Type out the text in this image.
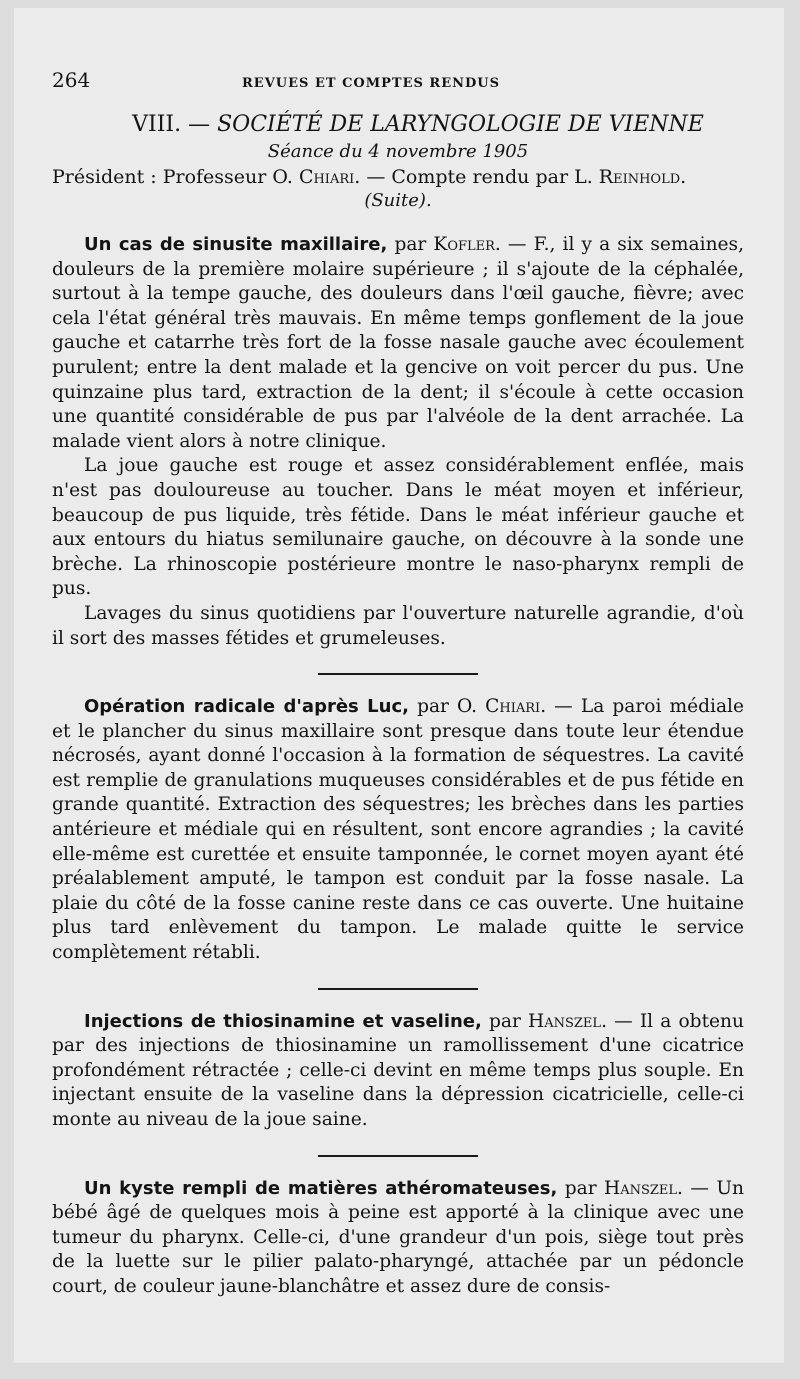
264	REVUES ET COMPTES RENDUS
VIII. — SOCIÉTÉ DE LARYNGOLOGIE DE VIENNE
Séance du 4 novembre 1905
Président : Professeur O. Chiari. — Compte rendu par L. Reinhold.
(Suite).

Un cas de sinusite maxillaire, par Kofler. — F., il y a six semaines, douleurs de la première molaire supérieure ; il s'ajoute de la céphalée, surtout à la tempe gauche, des douleurs dans l'œil gauche, fièvre; avec cela l'état général très mauvais. En même temps gonflement de la joue gauche et catarrhe très fort de la fosse nasale gauche avec écoulement purulent; entre la dent malade et la gencive on voit percer du pus. Une quinzaine plus tard, extraction de la dent; il s'écoule à cette occasion une quantité considérable de pus par l'alvéole de la dent arrachée. La malade vient alors à notre clinique.

La joue gauche est rouge et assez considérablement enflée, mais n'est pas douloureuse au toucher. Dans le méat moyen et inférieur, beaucoup de pus liquide, très fétide. Dans le méat inférieur gauche et aux entours du hiatus semilunaire gauche, on découvre à la sonde une brèche. La rhinoscopie postérieure montre le naso-pharynx rempli de pus.

Lavages du sinus quotidiens par l'ouverture naturelle agrandie, d'où il sort des masses fétides et grumeleuses.

Opération radicale d'après Luc, par O. Chiari. — La paroi médiale et le plancher du sinus maxillaire sont presque dans toute leur étendue nécrosés, ayant donné l'occasion à la formation de séquestres. La cavité est remplie de granulations muqueuses considérables et de pus fétide en grande quantité. Extraction des séquestres; les brèches dans les parties antérieure et médiale qui en résultent, sont encore agrandies ; la cavité elle-même est curettée et ensuite tamponnée, le cornet moyen ayant été préalablement amputé, le tampon est conduit par la fosse nasale. La plaie du côté de la fosse canine reste dans ce cas ouverte. Une huitaine plus tard enlèvement du tampon. Le malade quitte le service complètement rétabli.

Injections de thiosinamine et vaseline, par Hanszel. — Il a obtenu par des injections de thiosinamine un ramollissement d'une cicatrice profondément rétractée ; celle-ci devint en même temps plus souple. En injectant ensuite de la vaseline dans la dépression cicatricielle, celle-ci monte au niveau de la joue saine.

Un kyste rempli de matières athéromateuses, par Hanszel. — Un bébé âgé de quelques mois à peine est apporté à la clinique avec une tumeur du pharynx. Celle-ci, d'une grandeur d'un pois, siège tout près de la luette sur le pilier palato-pharyngé, attachée par un pédoncle court, de couleur jaune-blanchâtre et assez dure de consis-
